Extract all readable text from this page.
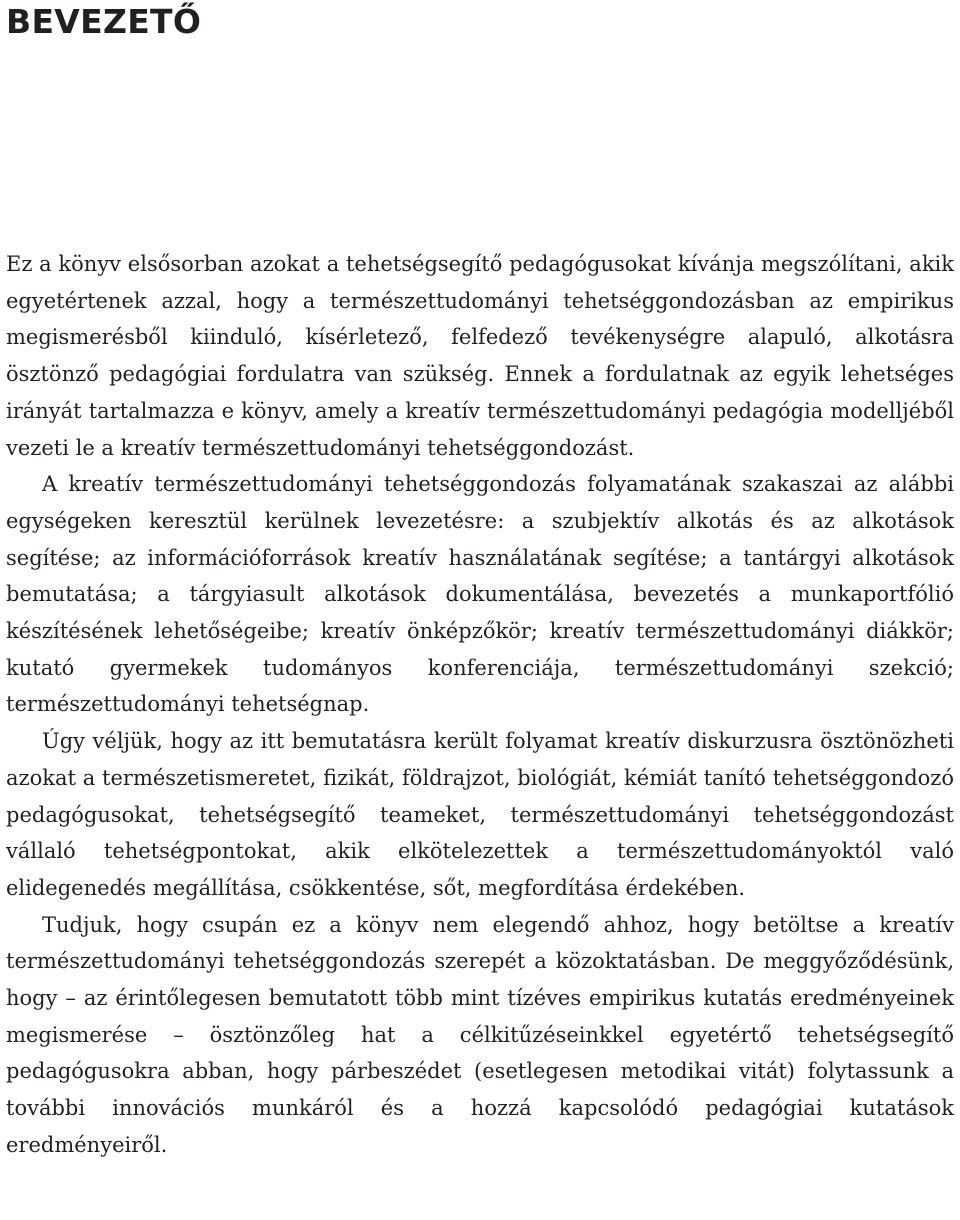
BEVEZETŐ

Ez a könyv elsősorban azokat a tehetségsegítő pedagógusokat kívánja megszólítani, akik egyetértenek azzal, hogy a természettudományi tehetséggondozásban az empirikus megismerésből kiinduló, kísérletező, felfedező tevékenységre alapuló, alkotásra ösztönző pedagógiai fordulatra van szükség. Ennek a fordulatnak az egyik lehetséges irányát tartalmazza e könyv, amely a kreatív természettudományi pedagógia modelljéből vezeti le a kreatív természettudományi tehetséggondozást.

A kreatív természettudományi tehetséggondozás folyamatának szakaszai az alábbi egységeken keresztül kerülnek levezetésre: a szubjektív alkotás és az alkotások segítése; az információforrások kreatív használatának segítése; a tantárgyi alkotások bemutatása; a tárgyiasult alkotások dokumentálása, bevezetés a munkaportfólió készítésének lehetőségeibe; kreatív önképzőkör; kreatív természettudományi diákkör; kutató gyermekek tudományos konferenciája, természettudományi szekció; természettudományi tehetségnap.

Úgy véljük, hogy az itt bemutatásra került folyamat kreatív diskurzusra ösztönözheti azokat a természetismeretet, fizikát, földrajzot, biológiát, kémiát tanító tehetséggondozó pedagógusokat, tehetségsegítő teameket, természettudományi tehetséggondozást vállaló tehetségpontokat, akik elkötelezettek a természettudományoktól való elidegenedés megállítása, csökkentése, sőt, megfordítása érdekében.

Tudjuk, hogy csupán ez a könyv nem elegendő ahhoz, hogy betöltse a kreatív természettudományi tehetséggondozás szerepét a közoktatásban. De meggyőződésünk, hogy – az érintőlegesen bemutatott több mint tízéves empirikus kutatás eredményeinek megismerése – ösztönzőleg hat a célkitűzéseinkkel egyetértő tehetségsegítő pedagógusokra abban, hogy párbeszédet (esetlegesen metodikai vitát) folytassunk a további innovációs munkáról és a hozzá kapcsolódó pedagógiai kutatások eredményeiről.
